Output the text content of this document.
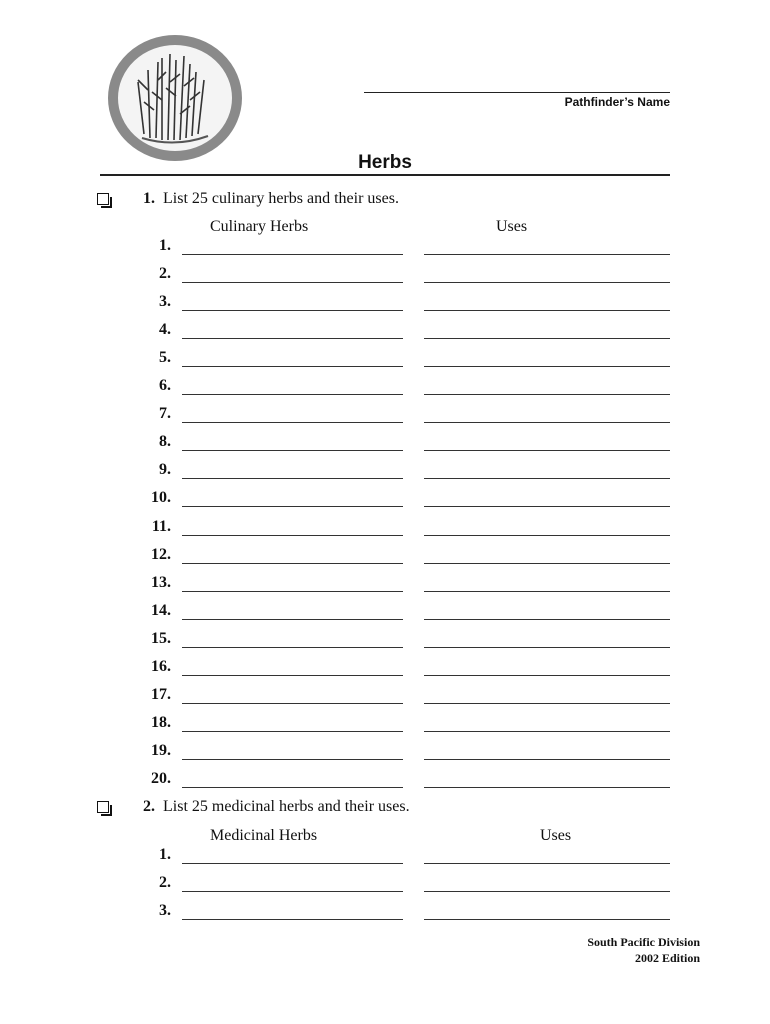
Pathfinder’s Name
Herbs
1. List 25 culinary herbs and their uses.
Culinary Herbs	Uses
1.
2.
3.
4.
5.
6.
7.
8.
9.
10.
11.
12.
13.
14.
15.
16.
17.
18.
19.
20.
2. List 25 medicinal herbs and their uses.
Medicinal Herbs	Uses
1.
2.
3.
South Pacific Division
2002 Edition
